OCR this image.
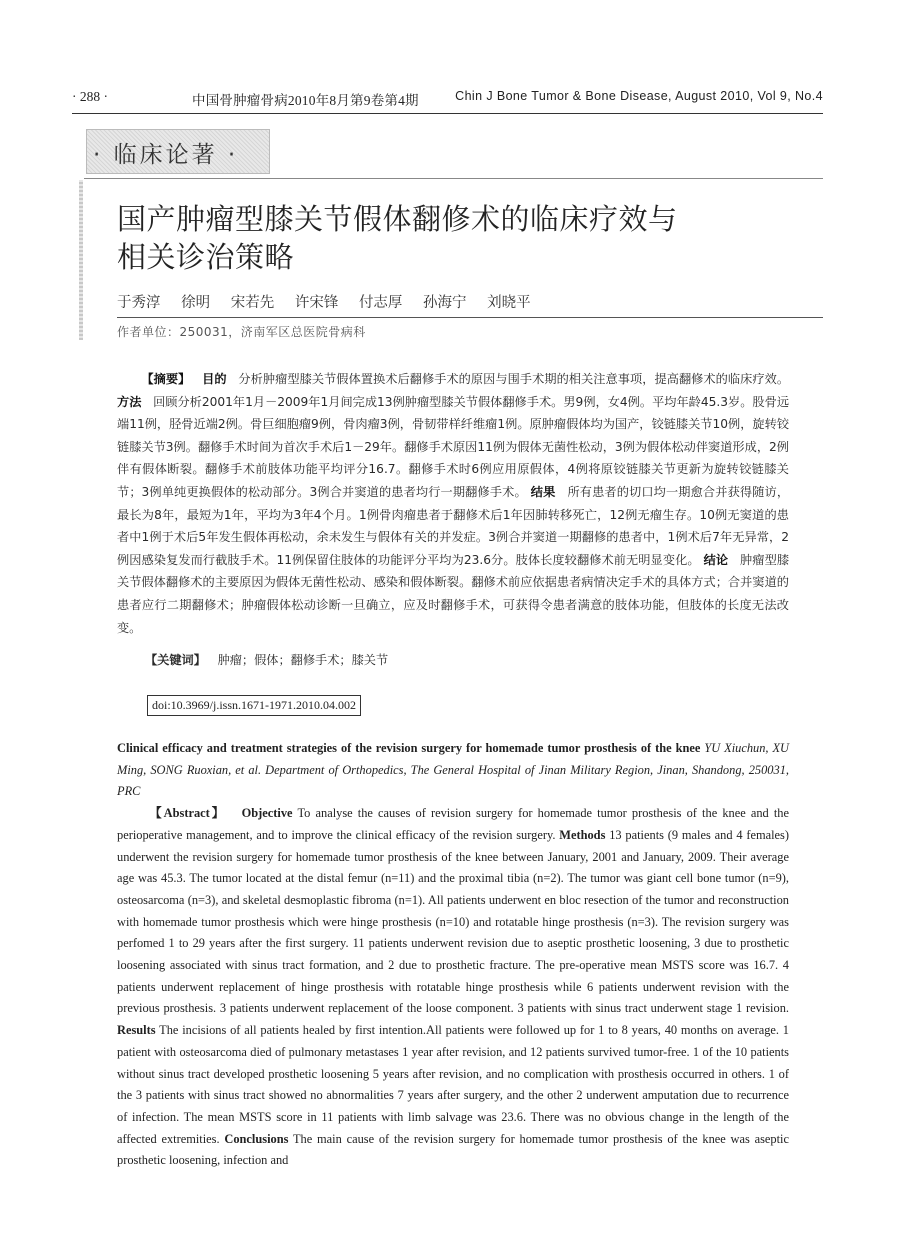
· 288 ·	中国骨肿瘤骨病2010年8月第9卷第4期	Chin J Bone Tumor & Bone Disease, August 2010, Vol 9, No.4
· 临床论著 ·
国产肿瘤型膝关节假体翻修术的临床疗效与
相关诊治策略
于秀淳 徐明 宋若先 许宋锋 付志厚 孙海宁 刘晓平
作者单位：250031，济南军区总医院骨病科

【摘要】 目的 分析肿瘤型膝关节假体置换术后翻修手术的原因与围手术期的相关注意事项，提高翻修术的临床疗效。 方法 回顾分析2001年1月－2009年1月间完成13例肿瘤型膝关节假体翻修手术。男9例，女4例。平均年龄45.3岁。股骨远端11例，胫骨近端2例。骨巨细胞瘤9例，骨肉瘤3例，骨韧带样纤维瘤1例。原肿瘤假体均为国产，铰链膝关节10例，旋转铰链膝关节3例。翻修手术时间为首次手术后1－29年。翻修手术原因11例为假体无菌性松动，3例为假体松动伴窦道形成，2例伴有假体断裂。翻修手术前肢体功能平均评分16.7。翻修手术时6例应用原假体，4例将原铰链膝关节更新为旋转铰链膝关节；3例单纯更换假体的松动部分。3例合并窦道的患者均行一期翻修手术。 结果 所有患者的切口均一期愈合并获得随访，最长为8年，最短为1年，平均为3年4个月。1例骨肉瘤患者于翻修术后1年因肺转移死亡，12例无瘤生存。10例无窦道的患者中1例于术后5年发生假体再松动，余未发生与假体有关的并发症。3例合并窦道一期翻修的患者中，1例术后7年无异常，2例因感染复发而行截肢手术。11例保留住肢体的功能评分平均为23.6分。肢体长度较翻修术前无明显变化。 结论 肿瘤型膝关节假体翻修术的主要原因为假体无菌性松动、感染和假体断裂。翻修术前应依据患者病情决定手术的具体方式；合并窦道的患者应行二期翻修术；肿瘤假体松动诊断一旦确立，应及时翻修手术，可获得令患者满意的肢体功能，但肢体的长度无法改变。

【关键词】 肿瘤；假体；翻修手术；膝关节
doi:10.3969/j.issn.1671-1971.2010.04.002

Clinical efficacy and treatment strategies of the revision surgery for homemade tumor prosthesis of the knee YU Xiuchun, XU Ming, SONG Ruoxian, et al. Department of Orthopedics, The General Hospital of Jinan Military Region, Jinan, Shandong, 250031, PRC

【Abstract】 Objective To analyse the causes of revision surgery for homemade tumor prosthesis of the knee and the perioperative management, and to improve the clinical efficacy of the revision surgery. Methods 13 patients (9 males and 4 females) underwent the revision surgery for homemade tumor prosthesis of the knee between January, 2001 and January, 2009. Their average age was 45.3. The tumor located at the distal femur (n=11) and the proximal tibia (n=2). The tumor was giant cell bone tumor (n=9), osteosarcoma (n=3), and skeletal desmoplastic fibroma (n=1). All patients underwent en bloc resection of the tumor and reconstruction with homemade tumor prosthesis which were hinge prosthesis (n=10) and rotatable hinge prosthesis (n=3). The revision surgery was perfomed 1 to 29 years after the first surgery. 11 patients underwent revision due to aseptic prosthetic loosening, 3 due to prosthetic loosening associated with sinus tract formation, and 2 due to prosthetic fracture. The pre-operative mean MSTS score was 16.7. 4 patients underwent replacement of hinge prosthesis with rotatable hinge prosthesis while 6 patients underwent revision with the previous prosthesis. 3 patients underwent replacement of the loose component. 3 patients with sinus tract underwent stage 1 revision. Results The incisions of all patients healed by first intention.All patients were followed up for 1 to 8 years, 40 months on average. 1 patient with osteosarcoma died of pulmonary metastases 1 year after revision, and 12 patients survived tumor-free. 1 of the 10 patients without sinus tract developed prosthetic loosening 5 years after revision, and no complication with prosthesis occurred in others. 1 of the 3 patients with sinus tract showed no abnormalities 7 years after surgery, and the other 2 underwent amputation due to recurrence of infection. The mean MSTS score in 11 patients with limb salvage was 23.6. There was no obvious change in the length of the affected extremities. Conclusions The main cause of the revision surgery for homemade tumor prosthesis of the knee was aseptic prosthetic loosening, infection and
